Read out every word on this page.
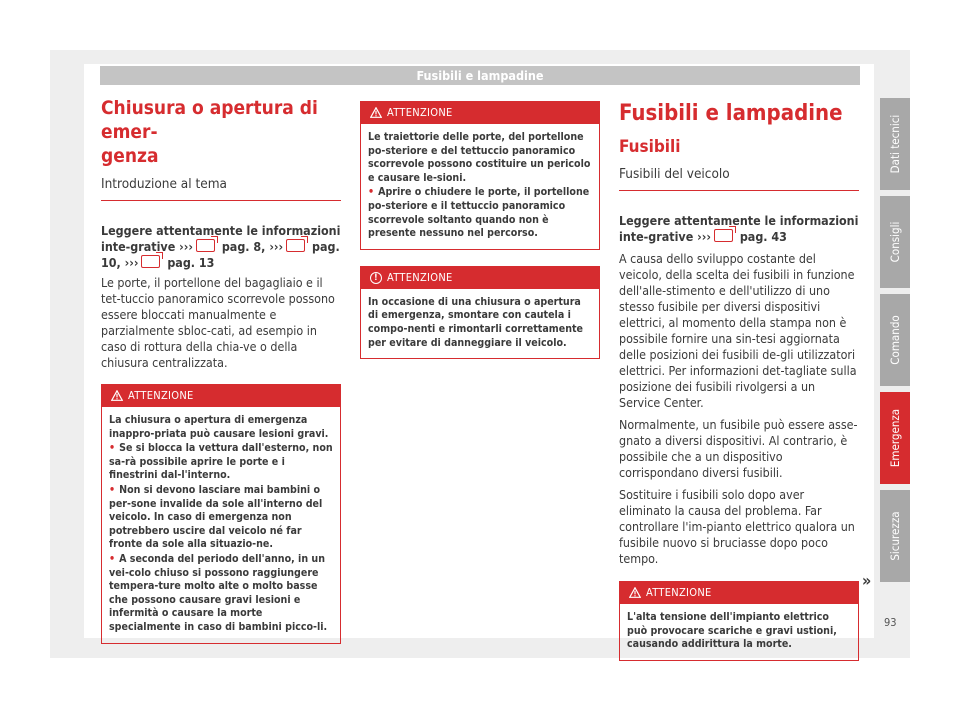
Fusibili e lampadine
Chiusura o apertura di emer-
genza
Introduzione al tema

Leggere attentamente le informazioni inte-grative ››› pag. 8, ››› pag. 10, ››› pag. 13

Le porte, il portellone del bagagliaio e il tet-tuccio panoramico scorrevole possono essere bloccati manualmente e parzialmente sbloc-cati, ad esempio in caso di rottura della chia-ve o della chiusura centralizzata.

ATTENZIONE
La chiusura o apertura di emergenza inappro-priata può causare lesioni gravi.
• Se si blocca la vettura dall'esterno, non sa-rà possibile aprire le porte e i finestrini dal-l'interno.
• Non si devono lasciare mai bambini o per-sone invalide da sole all'interno del veicolo. In caso di emergenza non potrebbero uscire dal veicolo né far fronte da sole alla situazio-ne.
• A seconda del periodo dell'anno, in un vei-colo chiuso si possono raggiungere tempera-ture molto alte o molto basse che possono causare gravi lesioni e infermità o causare la morte specialmente in caso di bambini picco-li.
ATTENZIONE
Le traiettorie delle porte, del portellone po-steriore e del tettuccio panoramico scorrevole possono costituire un pericolo e causare le-sioni.
• Aprire o chiudere le porte, il portellone po-steriore e il tettuccio panoramico scorrevole soltanto quando non è presente nessuno nel percorso.
! ATTENZIONE
In occasione di una chiusura o apertura di emergenza, smontare con cautela i compo-nenti e rimontarli correttamente per evitare di danneggiare il veicolo.
Fusibili e lampadine
Fusibili
Fusibili del veicolo

Leggere attentamente le informazioni inte-grative ››› pag. 43

A causa dello sviluppo costante del veicolo, della scelta dei fusibili in funzione dell'alle-stimento e dell'utilizzo di uno stesso fusibile per diversi dispositivi elettrici, al momento della stampa non è possibile fornire una sin-tesi aggiornata delle posizioni dei fusibili de-gli utilizzatori elettrici. Per informazioni det-tagliate sulla posizione dei fusibili rivolgersi a un Service Center.

Normalmente, un fusibile può essere asse-gnato a diversi dispositivi. Al contrario, è possibile che a un dispositivo corrispondano diversi fusibili.

Sostituire i fusibili solo dopo aver eliminato la causa del problema. Far controllare l'im-pianto elettrico qualora un fusibile nuovo si bruciasse dopo poco tempo.

ATTENZIONE
L'alta tensione dell'impianto elettrico può provocare scariche e gravi ustioni, causando addirittura la morte.
»
Dati tecnici
Consigli
Comando
Emergenza
Sicurezza
93
